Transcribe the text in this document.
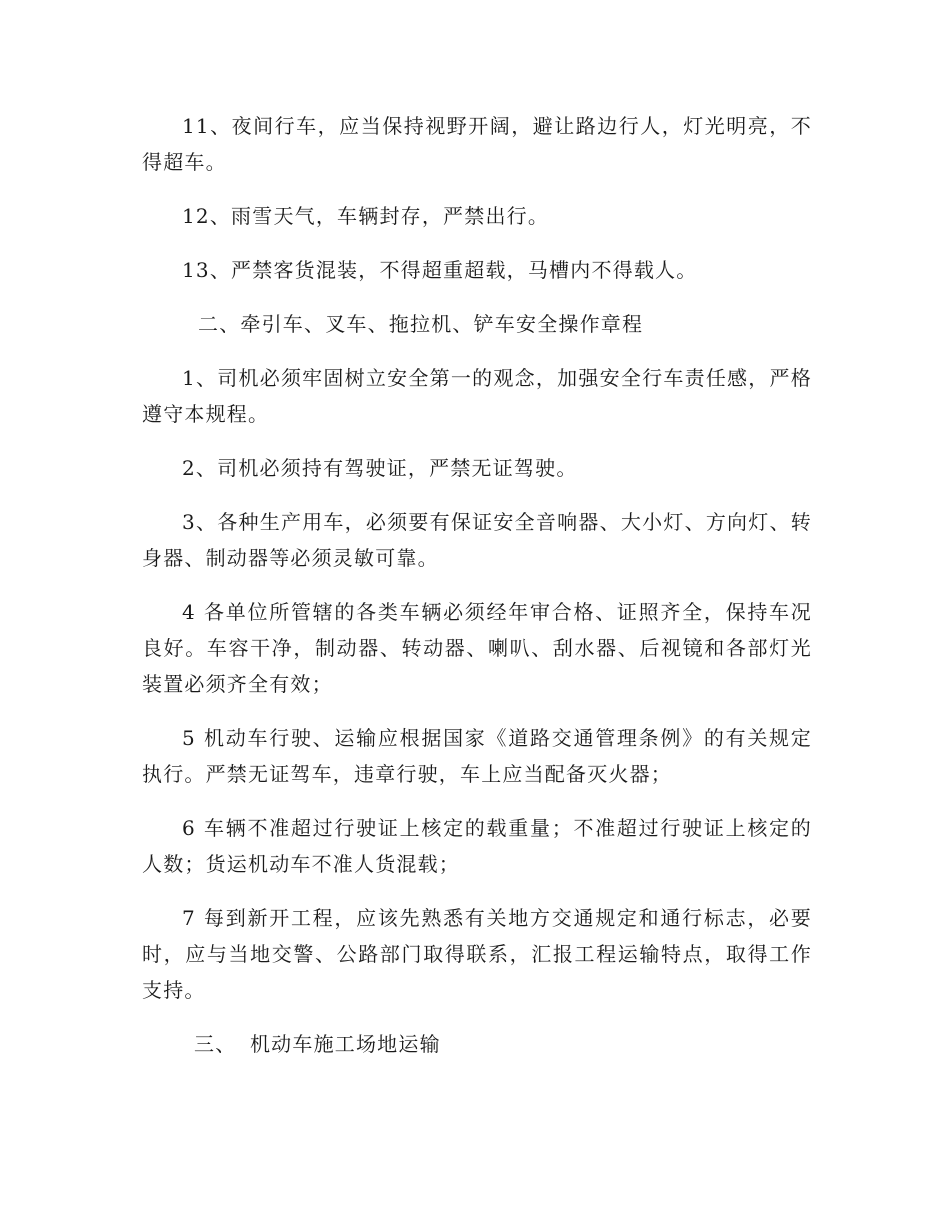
11、夜间行车，应当保持视野开阔，避让路边行人，灯光明亮，不得超车。

12、雨雪天气，车辆封存，严禁出行。

13、严禁客货混装，不得超重超载，马槽内不得载人。

二、牵引车、叉车、拖拉机、铲车安全操作章程

1、司机必须牢固树立安全第一的观念，加强安全行车责任感，严格遵守本规程。

2、司机必须持有驾驶证，严禁无证驾驶。

3、各种生产用车，必须要有保证安全音响器、大小灯、方向灯、转身器、制动器等必须灵敏可靠。

4 各单位所管辖的各类车辆必须经年审合格、证照齐全，保持车况良好。车容干净，制动器、转动器、喇叭、刮水器、后视镜和各部灯光装置必须齐全有效；

5 机动车行驶、运输应根据国家《道路交通管理条例》的有关规定执行。严禁无证驾车，违章行驶，车上应当配备灭火器；

6 车辆不准超过行驶证上核定的载重量；不准超过行驶证上核定的人数；货运机动车不准人货混载；

7 每到新开工程，应该先熟悉有关地方交通规定和通行标志，必要时，应与当地交警、公路部门取得联系，汇报工程运输特点，取得工作支持。

三、 机动车施工场地运输
